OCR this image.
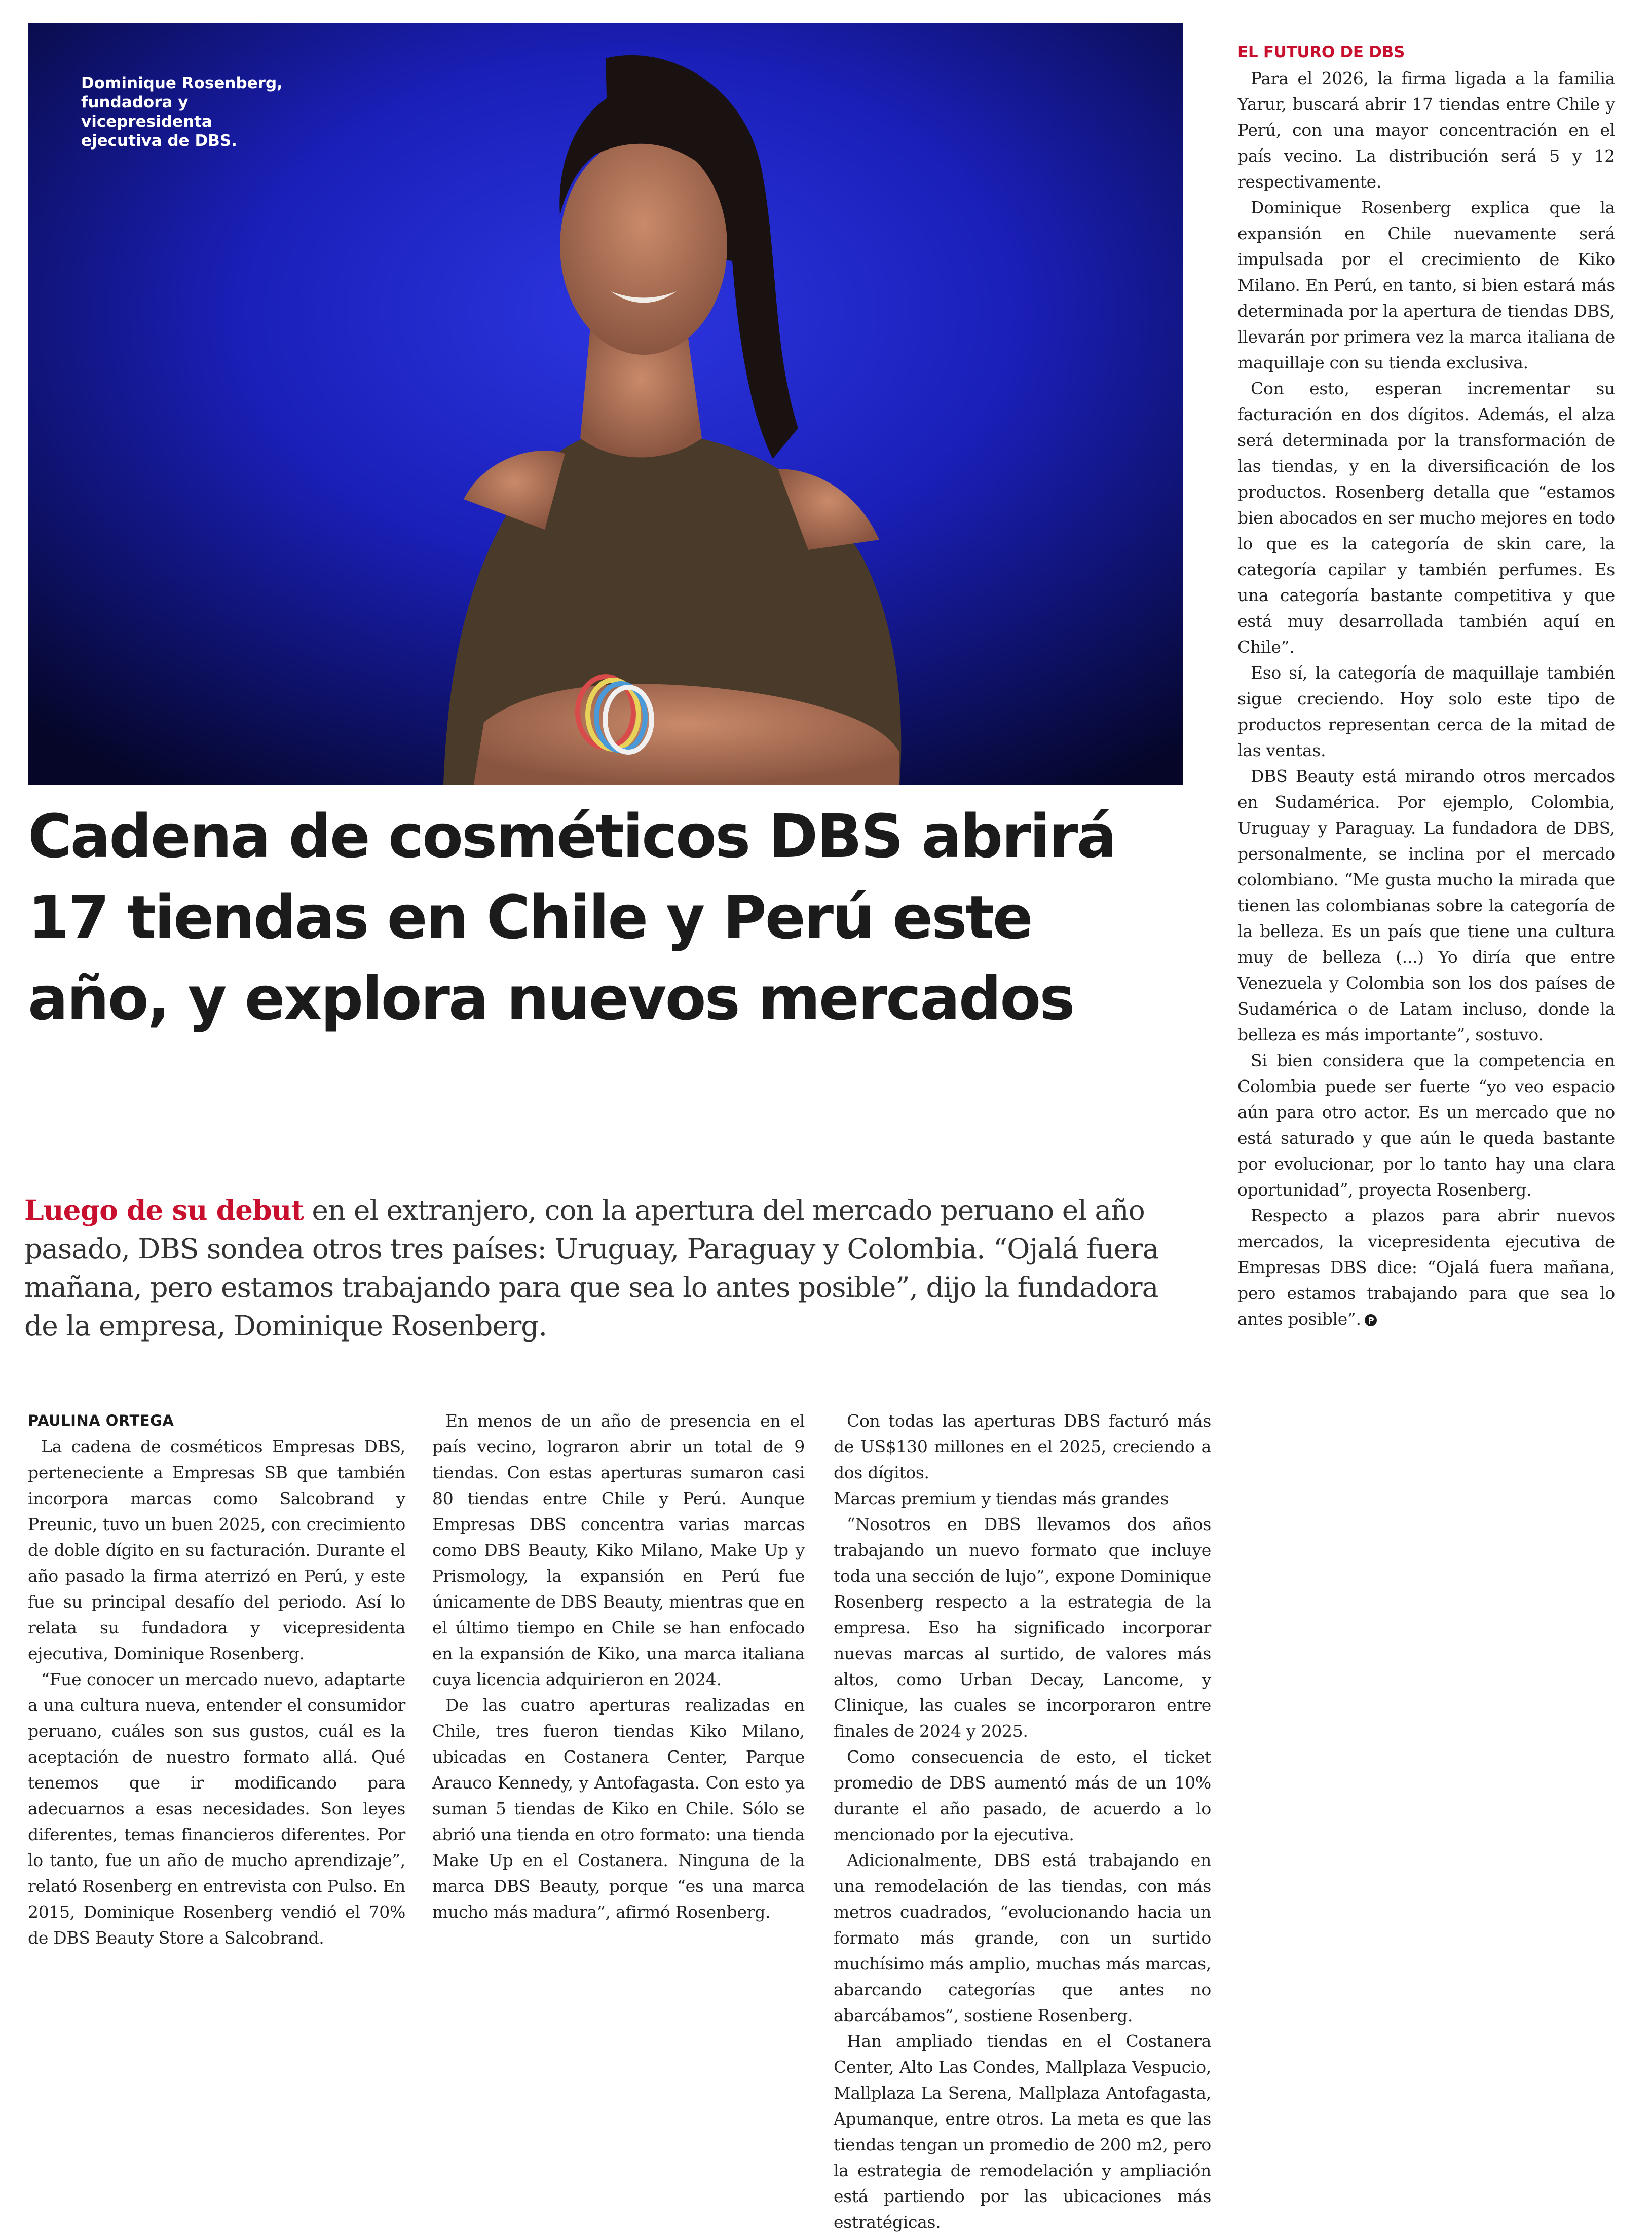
Dominique Rosenberg, fundadora y vicepresidenta ejecutiva de DBS.
Cadena de cosméticos DBS abrirá 17 tiendas en Chile y Perú este año, y explora nuevos mercados

Luego de su debut en el extranjero, con la apertura del mercado peruano el año pasado, DBS sondea otros tres países: Uruguay, Paraguay y Colombia. “Ojalá fuera mañana, pero estamos trabajando para que sea lo antes posible”, dijo la fundadora de la empresa, Dominique Rosenberg.

PAULINA ORTEGA

La cadena de cosméticos Empresas DBS, perteneciente a Empresas SB que también incorpora marcas como Salcobrand y Preunic, tuvo un buen 2025, con crecimiento de doble dígito en su facturación. Durante el año pasado la firma aterrizó en Perú, y este fue su principal desafío del periodo. Así lo relata su fundadora y vicepresidenta ejecutiva, Dominique Rosenberg.

“Fue conocer un mercado nuevo, adaptarte a una cultura nueva, entender el consumidor peruano, cuáles son sus gustos, cuál es la aceptación de nuestro formato allá. Qué tenemos que ir modificando para adecuarnos a esas necesidades. Son leyes diferentes, temas financieros diferentes. Por lo tanto, fue un año de mucho aprendizaje”, relató Rosenberg en entrevista con Pulso. En 2015, Dominique Rosenberg vendió el 70% de DBS Beauty Store a Salcobrand.

En menos de un año de presencia en el país vecino, lograron abrir un total de 9 tiendas. Con estas aperturas sumaron casi 80 tiendas entre Chile y Perú. Aunque Empresas DBS concentra varias marcas como DBS Beauty, Kiko Milano, Make Up y Prismology, la expansión en Perú fue únicamente de DBS Beauty, mientras que en el último tiempo en Chile se han enfocado en la expansión de Kiko, una marca italiana cuya licencia adquirieron en 2024.

De las cuatro aperturas realizadas en Chile, tres fueron tiendas Kiko Milano, ubicadas en Costanera Center, Parque Arauco Kennedy, y Antofagasta. Con esto ya suman 5 tiendas de Kiko en Chile. Sólo se abrió una tienda en otro formato: una tienda Make Up en el Costanera. Ninguna de la marca DBS Beauty, porque “es una marca mucho más madura”, afirmó Rosenberg.

Con todas las aperturas DBS facturó más de US$130 millones en el 2025, creciendo a dos dígitos.

Marcas premium y tiendas más grandes

“Nosotros en DBS llevamos dos años trabajando un nuevo formato que incluye toda una sección de lujo”, expone Dominique Rosenberg respecto a la estrategia de la empresa. Eso ha significado incorporar nuevas marcas al surtido, de valores más altos, como Urban Decay, Lancome, y Clinique, las cuales se incorporaron entre finales de 2024 y 2025.

Como consecuencia de esto, el ticket promedio de DBS aumentó más de un 10% durante el año pasado, de acuerdo a lo mencionado por la ejecutiva.

Adicionalmente, DBS está trabajando en una remodelación de las tiendas, con más metros cuadrados, “evolucionando hacia un formato más grande, con un surtido muchísimo más amplio, muchas más marcas, abarcando categorías que antes no abarcábamos”, sostiene Rosenberg.

Han ampliado tiendas en el Costanera Center, Alto Las Condes, Mallplaza Vespucio, Mallplaza La Serena, Mallplaza Antofagasta, Apumanque, entre otros. La meta es que las tiendas tengan un promedio de 200 m2, pero la estrategia de remodelación y ampliación está partiendo por las ubicaciones más estratégicas.

EL FUTURO DE DBS

Para el 2026, la firma ligada a la familia Yarur, buscará abrir 17 tiendas entre Chile y Perú, con una mayor concentración en el país vecino. La distribución será 5 y 12 respectivamente.

Dominique Rosenberg explica que la expansión en Chile nuevamente será impulsada por el crecimiento de Kiko Milano. En Perú, en tanto, si bien estará más determinada por la apertura de tiendas DBS, llevarán por primera vez la marca italiana de maquillaje con su tienda exclusiva.

Con esto, esperan incrementar su facturación en dos dígitos. Además, el alza será determinada por la transformación de las tiendas, y en la diversificación de los productos. Rosenberg detalla que “estamos bien abocados en ser mucho mejores en todo lo que es la categoría de skin care, la categoría capilar y también perfumes. Es una categoría bastante competitiva y que está muy desarrollada también aquí en Chile”.

Eso sí, la categoría de maquillaje también sigue creciendo. Hoy solo este tipo de productos representan cerca de la mitad de las ventas.

DBS Beauty está mirando otros mercados en Sudamérica. Por ejemplo, Colombia, Uruguay y Paraguay. La fundadora de DBS, personalmente, se inclina por el mercado colombiano. “Me gusta mucho la mirada que tienen las colombianas sobre la categoría de la belleza. Es un país que tiene una cultura muy de belleza (...) Yo diría que entre Venezuela y Colombia son los dos países de Sudamérica o de Latam incluso, donde la belleza es más importante”, sostuvo.

Si bien considera que la competencia en Colombia puede ser fuerte “yo veo espacio aún para otro actor. Es un mercado que no está saturado y que aún le queda bastante por evolucionar, por lo tanto hay una clara oportunidad”, proyecta Rosenberg.

Respecto a plazos para abrir nuevos mercados, la vicepresidenta ejecutiva de Empresas DBS dice: “Ojalá fuera mañana, pero estamos trabajando para que sea lo antes posible”.
